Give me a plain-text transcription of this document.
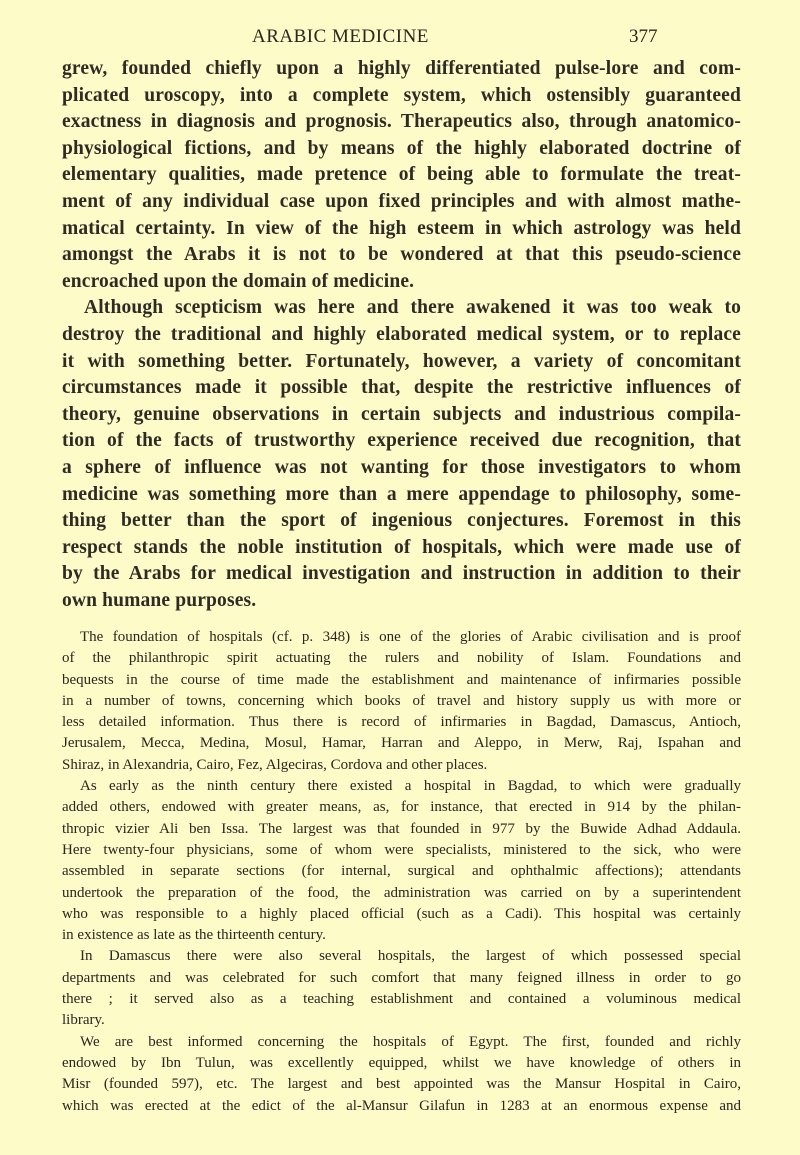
ARABIC MEDICINE	377
grew, founded chiefly upon a highly differentiated pulse-lore and com-
plicated uroscopy, into a complete system, which ostensibly guaranteed
exactness in diagnosis and prognosis. Therapeutics also, through anatomico-
physiological fictions, and by means of the highly elaborated doctrine of
elementary qualities, made pretence of being able to formulate the treat-
ment of any individual case upon fixed principles and with almost mathe-
matical certainty. In view of the high esteem in which astrology was held
amongst the Arabs it is not to be wondered at that this pseudo-science
encroached upon the domain of medicine.
Although scepticism was here and there awakened it was too weak to
destroy the traditional and highly elaborated medical system, or to replace
it with something better. Fortunately, however, a variety of concomitant
circumstances made it possible that, despite the restrictive influences of
theory, genuine observations in certain subjects and industrious compila-
tion of the facts of trustworthy experience received due recognition, that
a sphere of influence was not wanting for those investigators to whom
medicine was something more than a mere appendage to philosophy, some-
thing better than the sport of ingenious conjectures. Foremost in this
respect stands the noble institution of hospitals, which were made use of
by the Arabs for medical investigation and instruction in addition to their
own humane purposes.
The foundation of hospitals (cf. p. 348) is one of the glories of Arabic civilisation and is proof
of the philanthropic spirit actuating the rulers and nobility of Islam. Foundations and
bequests in the course of time made the establishment and maintenance of infirmaries possible
in a number of towns, concerning which books of travel and history supply us with more or
less detailed information. Thus there is record of infirmaries in Bagdad, Damascus, Antioch,
Jerusalem, Mecca, Medina, Mosul, Hamar, Harran and Aleppo, in Merw, Raj, Ispahan and
Shiraz, in Alexandria, Cairo, Fez, Algeciras, Cordova and other places.
As early as the ninth century there existed a hospital in Bagdad, to which were gradually
added others, endowed with greater means, as, for instance, that erected in 914 by the philan-
thropic vizier Ali ben Issa. The largest was that founded in 977 by the Buwide Adhad Addaula.
Here twenty-four physicians, some of whom were specialists, ministered to the sick, who were
assembled in separate sections (for internal, surgical and ophthalmic affections); attendants
undertook the preparation of the food, the administration was carried on by a superintendent
who was responsible to a highly placed official (such as a Cadi). This hospital was certainly
in existence as late as the thirteenth century.
In Damascus there were also several hospitals, the largest of which possessed special
departments and was celebrated for such comfort that many feigned illness in order to go
there ; it served also as a teaching establishment and contained a voluminous medical
library.
We are best informed concerning the hospitals of Egypt. The first, founded and richly
endowed by Ibn Tulun, was excellently equipped, whilst we have knowledge of others in
Misr (founded 597), etc. The largest and best appointed was the Mansur Hospital in Cairo,
which was erected at the edict of the al-Mansur Gilafun in 1283 at an enormous expense and
